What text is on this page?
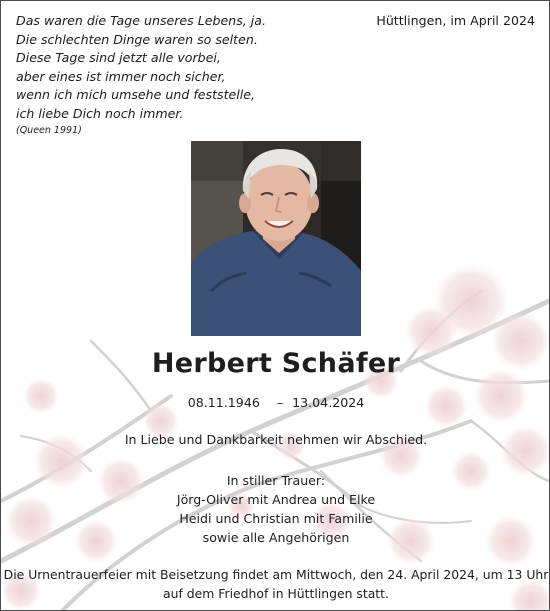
Das waren die Tage unseres Lebens, ja.
Die schlechten Dinge waren so selten.
Diese Tage sind jetzt alle vorbei,
aber eines ist immer noch sicher,
wenn ich mich umsehe und feststelle,
ich liebe Dich noch immer.
(Queen 1991)
Hüttlingen, im April 2024
Herbert Schäfer
08.11.1946 – 13.04.2024
In Liebe und Dankbarkeit nehmen wir Abschied.
In stiller Trauer:
Jörg-Oliver mit Andrea und Elke
Heidi und Christian mit Familie
sowie alle Angehörigen
Die Urnentrauerfeier mit Beisetzung findet am Mittwoch, den 24. April 2024, um 13 Uhr
auf dem Friedhof in Hüttlingen statt.
